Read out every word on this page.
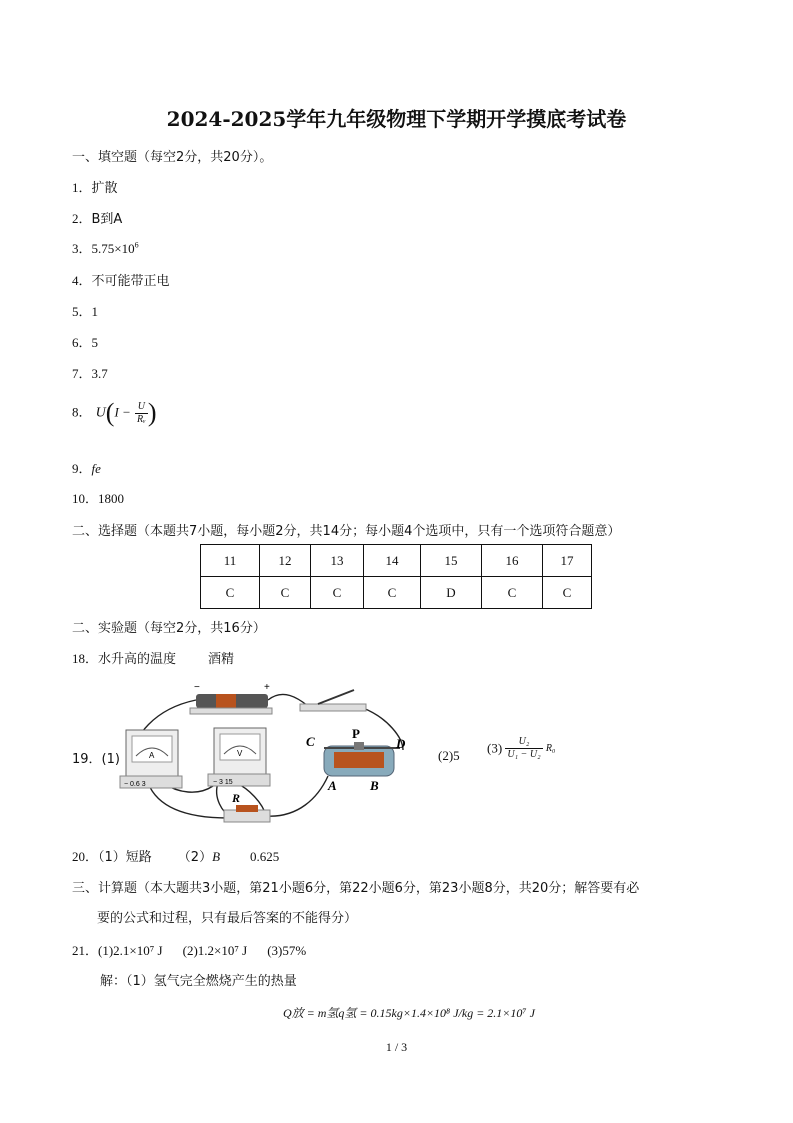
2024-2025学年九年级物理下学期开学摸底考试卷
一、填空题（每空2分，共20分）。
1．扩散
2．B到A
3．$5.75\times 10^6$
4．不可能带正电
5．1
6．5
7．3.7
8． $U(I - \frac{U}{\text{Rᵥ}}$ )
9．fe
10．1800
二、选择题（本题共7小题，每小题2分，共14分；每小题4个选项中，只有一个选项符合题意）
11	12	13	14	15	16	17
C	C	C	C	D	C	C
二、实验题（每空2分，共16分）
18．水升高的温度 酒精
19．(1)
−	+
A
− 0.6 3
V
− 3 15
R
C
P
D
A	B
(2)5 $(3) \frac{\text{U₂}}{\text{U₁ − U₂}} R_0$
20．（1）短路 （2）B 0.625
三、计算题（本大题共3小题，第21小题6分，第22小题6分，第23小题8分，共20分；解答要有必
要的公式和过程，只有最后答案的不能得分）
21．(1)2.1×10⁷ J (2)1.2×10⁷ J (3)57%
解：（1）氢气完全燃烧产生的热量
Q放 = m氢q氢 = 0.15kg×1.4×10⁸ J/kg = 2.1×10⁷ J
1 / 3
